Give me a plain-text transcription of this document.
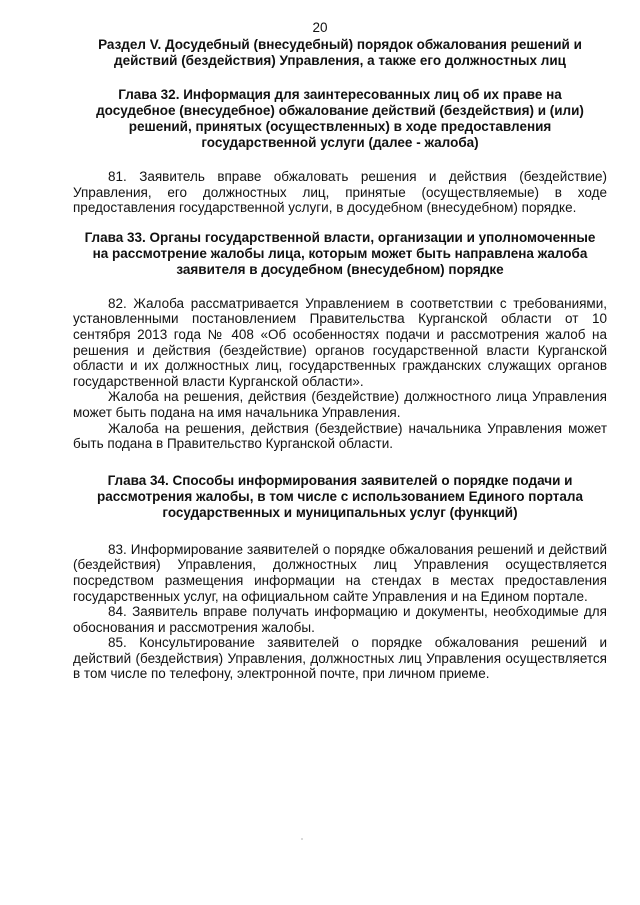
20
Раздел V. Досудебный (внесудебный) порядок обжалования решений и
действий (бездействия) Управления, а также его должностных лиц
Глава 32. Информация для заинтересованных лиц об их праве на
досудебное (внесудебное) обжалование действий (бездействия) и (или)
решений, принятых (осуществленных) в ходе предоставления
государственной услуги (далее - жалоба)

81. Заявитель вправе обжаловать решения и действия (бездействие) Управления, его должностных лиц, принятые (осуществляемые) в ходе предоставления государственной услуги, в досудебном (внесудебном) порядке.

Глава 33. Органы государственной власти, организации и уполномоченные
на рассмотрение жалобы лица, которым может быть направлена жалоба
заявителя в досудебном (внесудебном) порядке

82. Жалоба рассматривается Управлением в соответствии с требованиями, установленными постановлением Правительства Курганской области от 10 сентября 2013 года № 408 «Об особенностях подачи и рассмотрения жалоб на решения и действия (бездействие) органов государственной власти Курганской области и их должностных лиц, государственных гражданских служащих органов государственной власти Курганской области».

Жалоба на решения, действия (бездействие) должностного лица Управления может быть подана на имя начальника Управления.

Жалоба на решения, действия (бездействие) начальника Управления может быть подана в Правительство Курганской области.

Глава 34. Способы информирования заявителей о порядке подачи и
рассмотрения жалобы, в том числе с использованием Единого портала
государственных и муниципальных услуг (функций)

83. Информирование заявителей о порядке обжалования решений и действий (бездействия) Управления, должностных лиц Управления осуществляется посредством размещения информации на стендах в местах предоставления государственных услуг, на официальном сайте Управления и на Едином портале.

84. Заявитель вправе получать информацию и документы, необходимые для обоснования и рассмотрения жалобы.

85. Консультирование заявителей о порядке обжалования решений и действий (бездействия) Управления, должностных лиц Управления осуществляется в том числе по телефону, электронной почте, при личном приеме.
